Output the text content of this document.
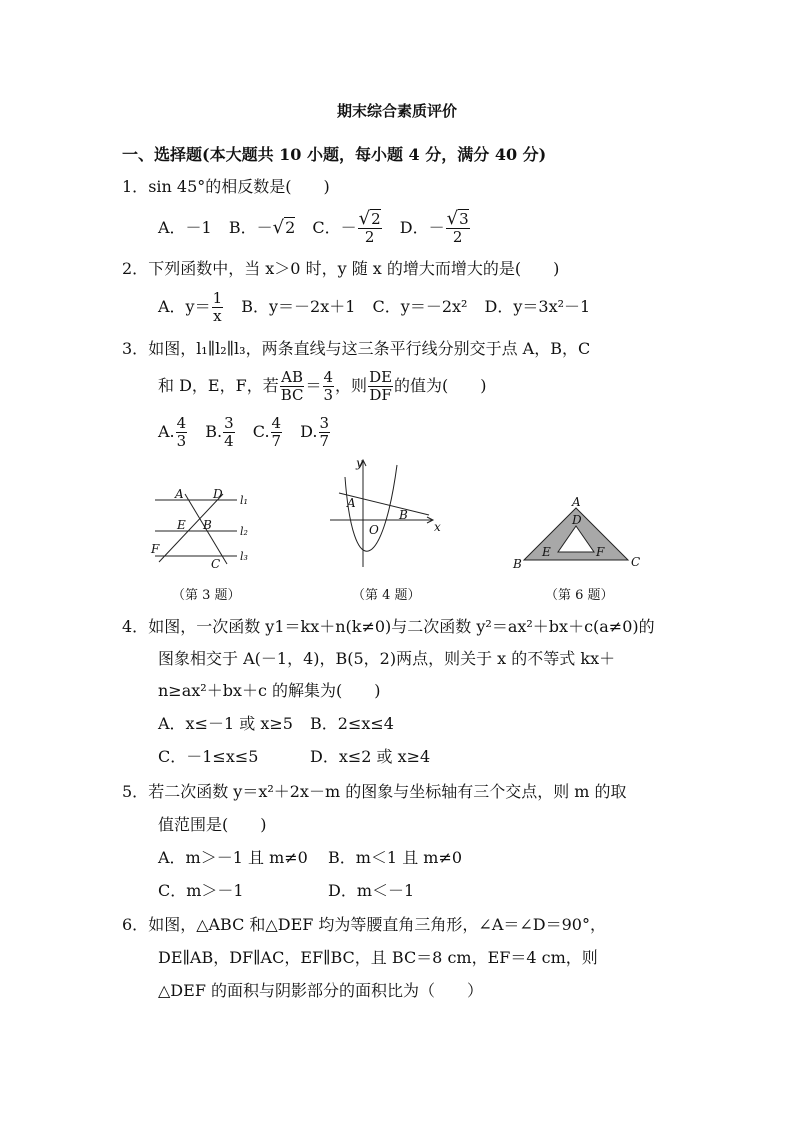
期末综合素质评价
一、选择题(本大题共 10 小题，每小题 4 分，满分 40 分)
1．sin 45°的相反数是(　　)
A．－1 B．－√2 C．－ $\frac{√2}{2}$ D．－ $\frac{√3}{2}$
2．下列函数中，当 x＞0 时，y 随 x 的增大而增大的是(　　)
A．$y= \frac{1}{x}$ B．y＝－2x＋1 C．y＝－2x² D．y＝3x²－1
3．如图，l₁∥l₂∥l₃，两条直线与这三条平行线分别交于点 A，B，C
和 D，E，F，若 $\frac{AB}{BC} = \frac{4}{3}$ ，则 $\frac{DE}{DF}$ 的值为(　　)
A. $\frac{4}{3} B$. $\frac{3}{4} C$. $\frac{4}{7} D$. $\frac{3}{7}$
A D l₁
E B	l₂
F
C
l₃
（第 3 题）
y
A
B
O	x
（第 4 题）
A
D
E	F
B	C
（第 6 题）
4．如图，一次函数 y1＝kx＋n(k≠0)与二次函数 y²＝ax²＋bx＋c(a≠0)的
图象相交于 A(－1，4)，B(5，2)两点，则关于 x 的不等式 kx＋
n≥ax²＋bx＋c 的解集为(　　)
A．x≤－1 或 x≥5 B．2≤x≤4
C．－1≤x≤5	D．x≤2 或 x≥4
5．若二次函数 y＝x²＋2x－m 的图象与坐标轴有三个交点，则 m 的取
值范围是(　　)
A．m＞－1 且 m≠0 B．m＜1 且 m≠0
C．m＞－1	D．m＜－1
6．如图，△ABC 和△DEF 均为等腰直角三角形，∠A＝∠D＝90°，
DE∥AB，DF∥AC，EF∥BC，且 BC＝8 cm，EF＝4 cm，则
△DEF 的面积与阴影部分的面积比为（　　）
